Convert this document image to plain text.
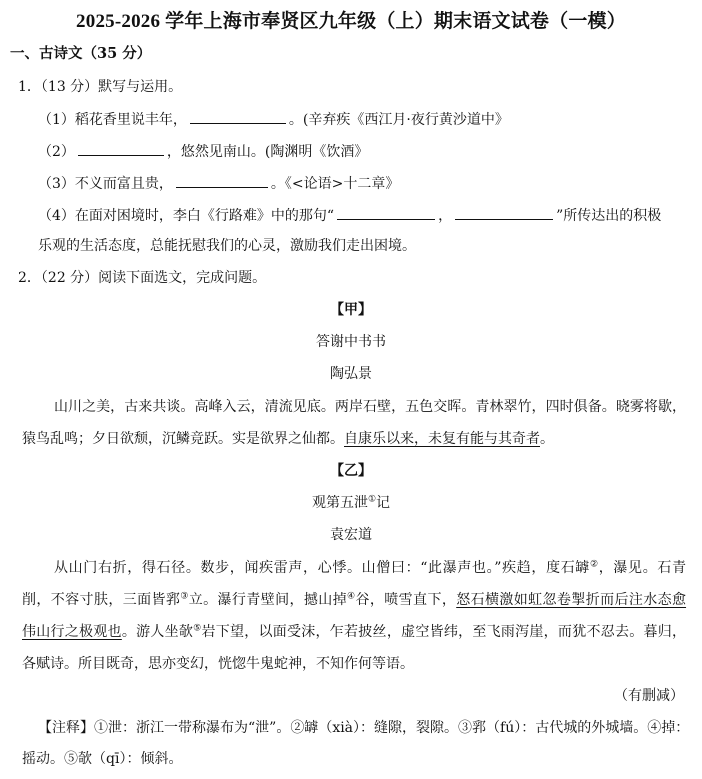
2025-2026 学年上海市奉贤区九年级（上）期末语文试卷（一模）
一、古诗文（35 分）
1．（13 分）默写与运用。
（1）稻花香里说丰年，	。(辛弃疾《西江月·夜行黄沙道中》
（2）	，悠然见南山。(陶渊明《饮酒》
（3）不义而富且贵，	。《<论语>十二章》
（4）在面对困境时，李白《行路难》中的那句“	，	”所传达出的积极
乐观的生活态度，总能抚慰我们的心灵，激励我们走出困境。
2．（22 分）阅读下面选文，完成问题。
【甲】
答谢中书书
陶弘景
山川之美，古来共谈。高峰入云，清流见底。两岸石壁，五色交晖。青林翠竹，四时俱备。晓雾将歇，
猿鸟乱鸣；夕日欲颓，沉鳞竞跃。实是欲界之仙都。自康乐以来，未复有能与其奇者。
【乙】
观第五泄①记
袁宏道
从山门右折，得石径。数步，闻疾雷声，心悸。山僧曰：“此瀑声也。”疾趋，度石罅②，瀑见。石青
削，不容寸肤，三面皆郛③立。瀑行青壁间，撼山掉④谷，喷雪直下，怒石横激如虹忽卷掣折而后注水态愈
伟山行之极观也。游人坐欹⑤岩下望，以面受沫，乍若披丝，虚空皆纬，至飞雨泻崖，而犹不忍去。暮归，
各赋诗。所目既奇，思亦变幻，恍惚牛鬼蛇神，不知作何等语。
（有删减）
【注释】①泄：浙江一带称瀑布为“泄”。②罅（xià）：缝隙，裂隙。③郛（fú）：古代城的外城墙。④掉：
摇动。⑤欹（qī）：倾斜。
